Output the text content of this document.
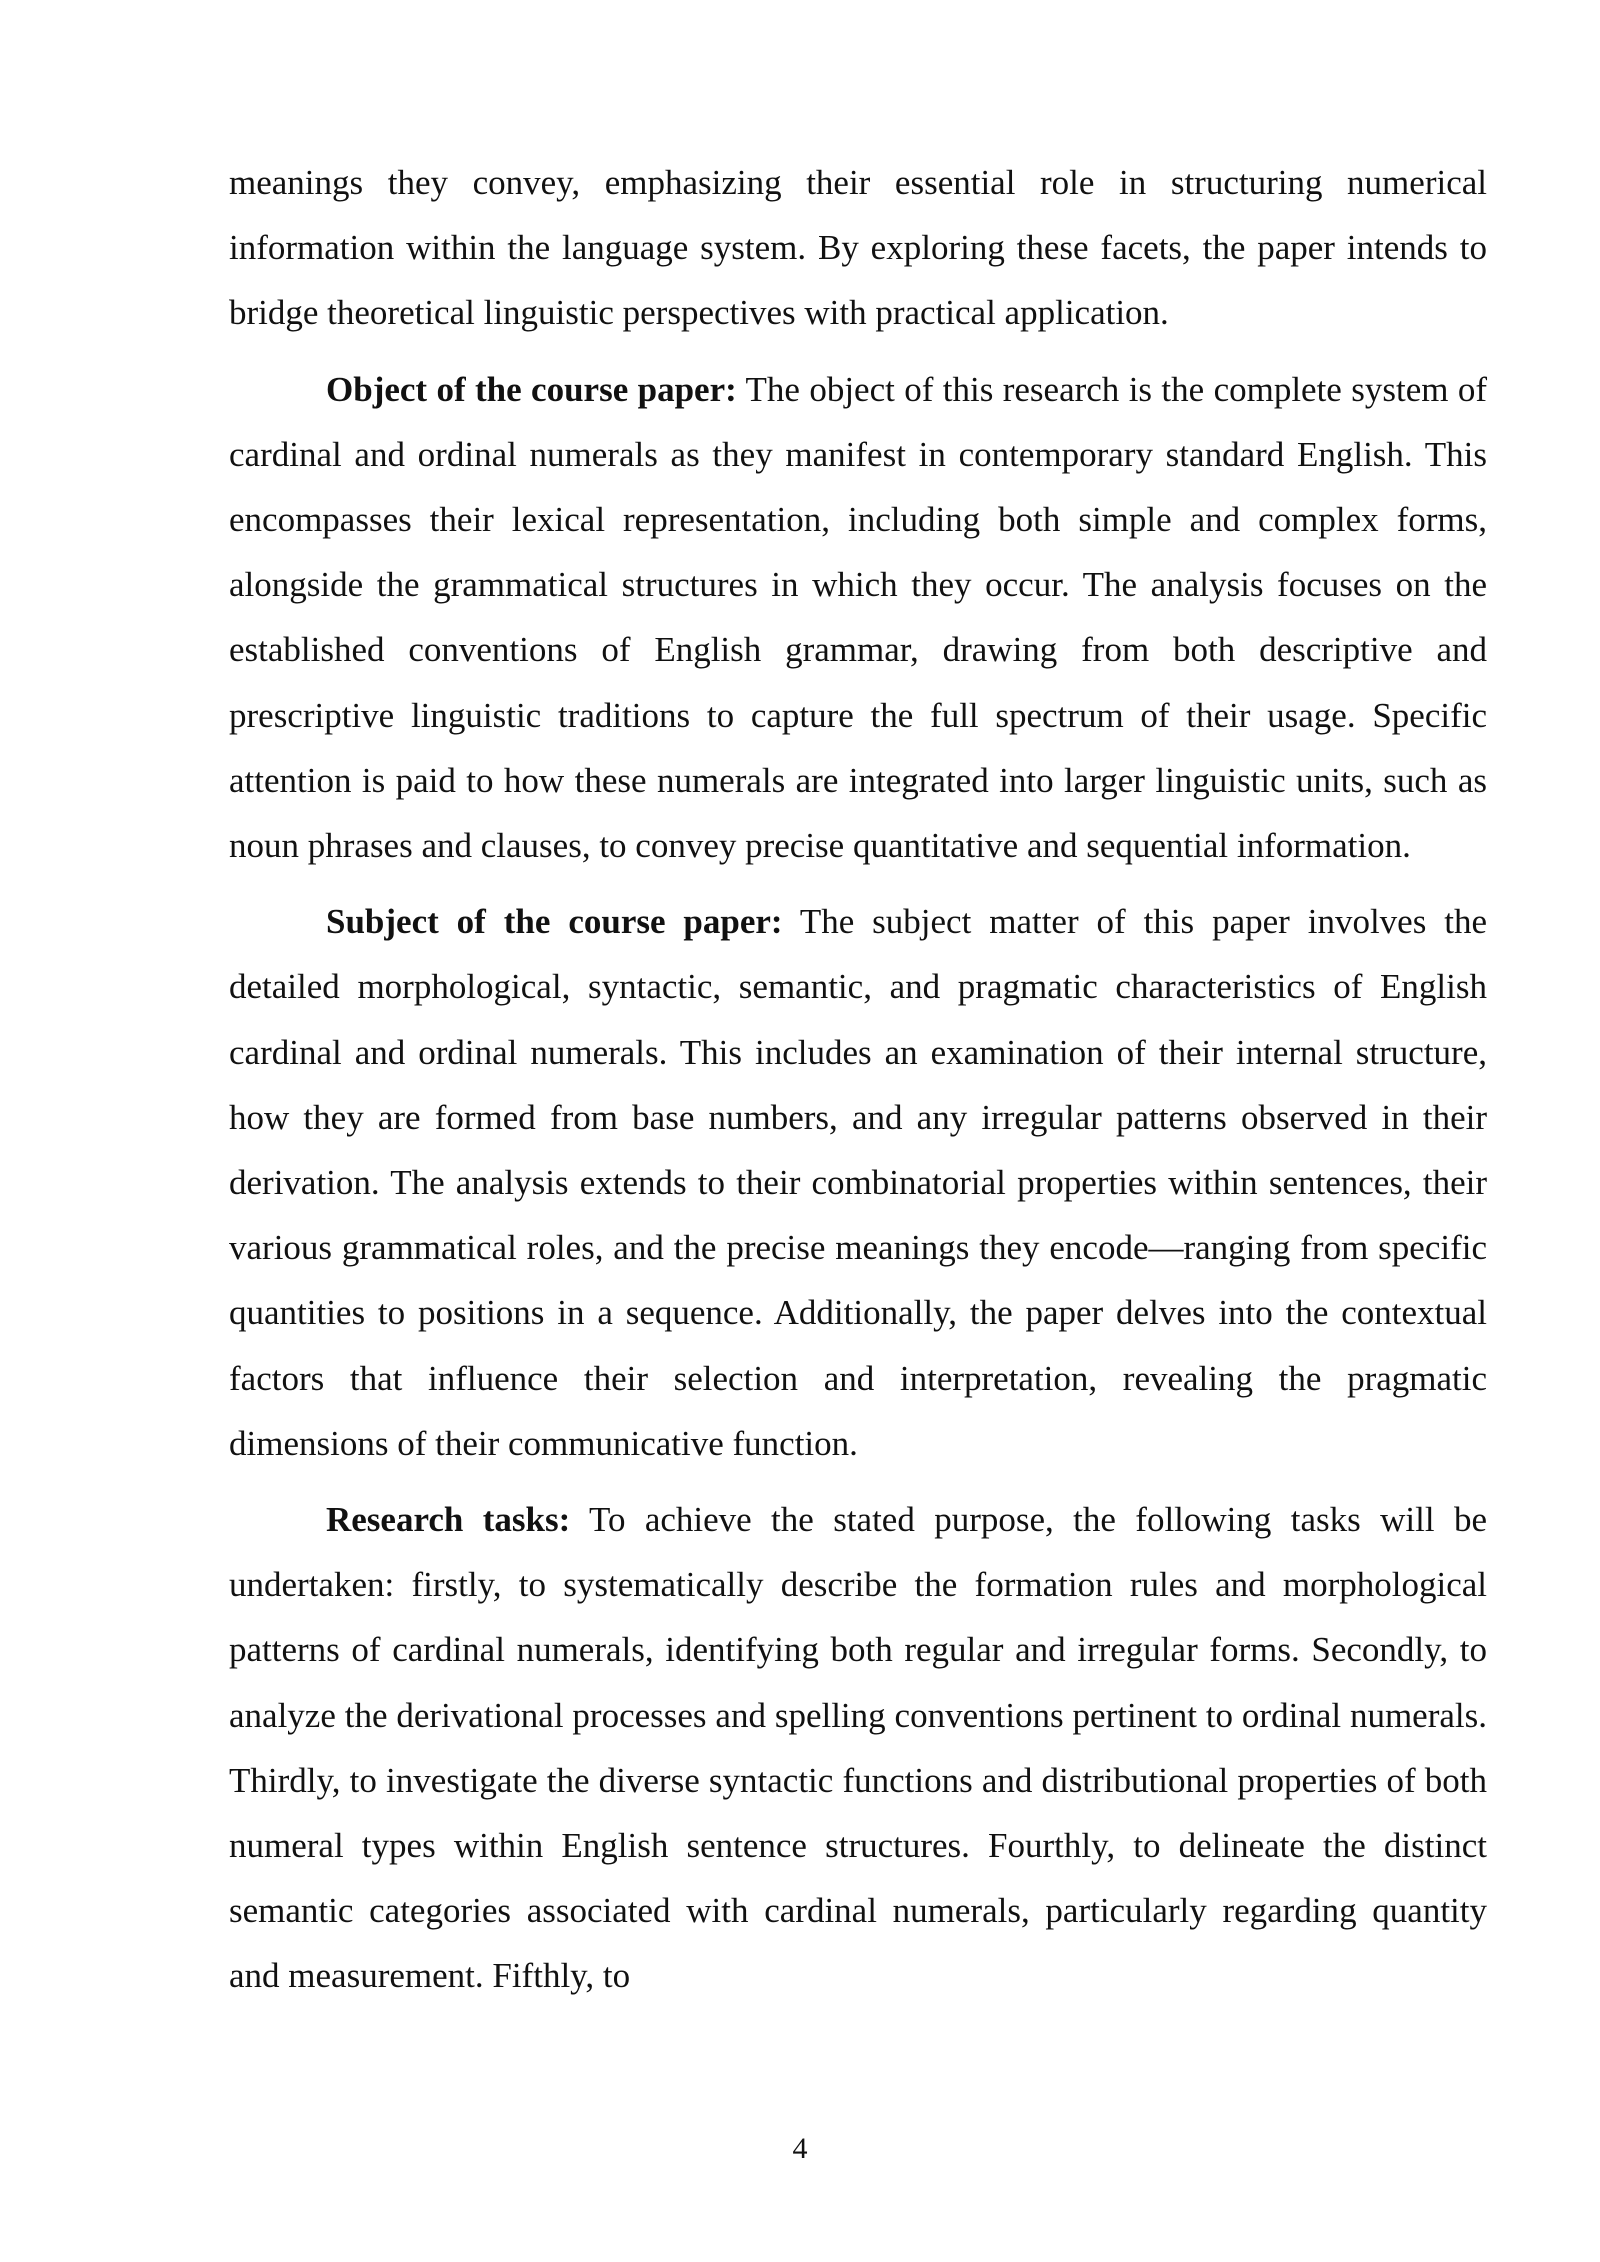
meanings they convey, emphasizing their essential role in structuring numerical information within the language system. By exploring these facets, the paper intends to bridge theoretical linguistic perspectives with practical application.

Object of the course paper: The object of this research is the complete system of cardinal and ordinal numerals as they manifest in contemporary standard English. This encompasses their lexical representation, including both simple and complex forms, alongside the grammatical structures in which they occur. The analysis focuses on the established conventions of English grammar, drawing from both descriptive and prescriptive linguistic traditions to capture the full spectrum of their usage. Specific attention is paid to how these numerals are integrated into larger linguistic units, such as noun phrases and clauses, to convey precise quantitative and sequential information.

Subject of the course paper: The subject matter of this paper involves the detailed morphological, syntactic, semantic, and pragmatic characteristics of English cardinal and ordinal numerals. This includes an examination of their internal structure, how they are formed from base numbers, and any irregular patterns observed in their derivation. The analysis extends to their combinatorial properties within sentences, their various grammatical roles, and the precise meanings they encode—ranging from specific quantities to positions in a sequence. Additionally, the paper delves into the contextual factors that influence their selection and interpretation, revealing the pragmatic dimensions of their communicative function.

Research tasks: To achieve the stated purpose, the following tasks will be undertaken: firstly, to systematically describe the formation rules and morphological patterns of cardinal numerals, identifying both regular and irregular forms. Secondly, to analyze the derivational processes and spelling conventions pertinent to ordinal numerals. Thirdly, to investigate the diverse syntactic functions and distributional properties of both numeral types within English sentence structures. Fourthly, to delineate the distinct semantic categories associated with cardinal numerals, particularly regarding quantity and measurement. Fifthly, to

4
